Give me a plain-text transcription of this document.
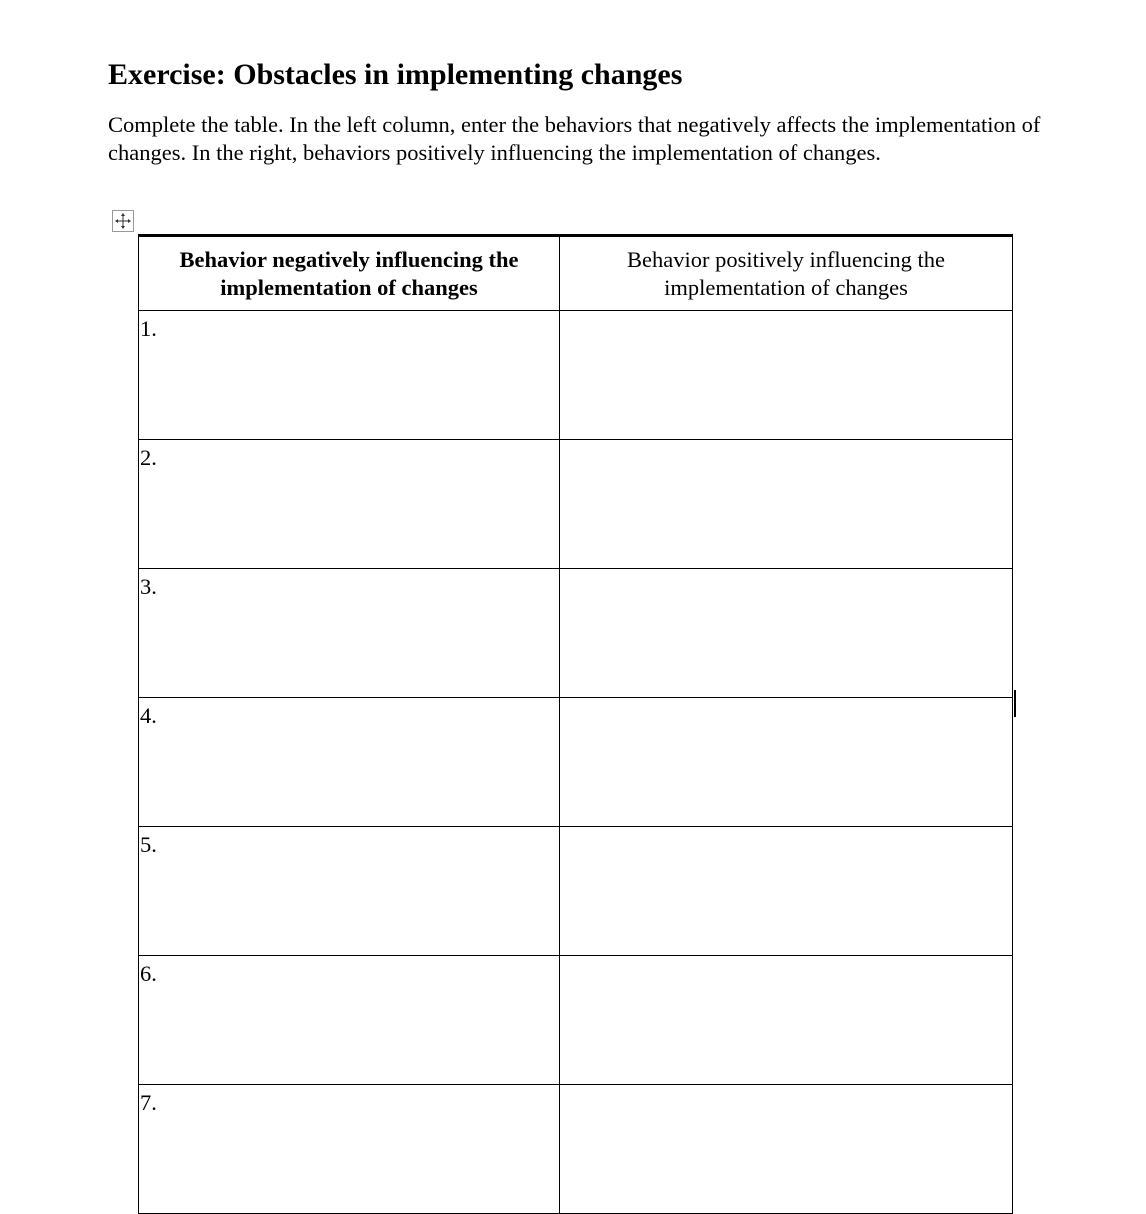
Exercise: Obstacles in implementing changes

Complete the table. In the left column, enter the behaviors that negatively affects the implementation of changes. In the right, behaviors positively influencing the implementation of changes.

Behavior negatively influencing the implementation of changes	Behavior positively influencing the implementation of changes
1.	
2.	
3.	
4.	
5.	
6.	
7.	
